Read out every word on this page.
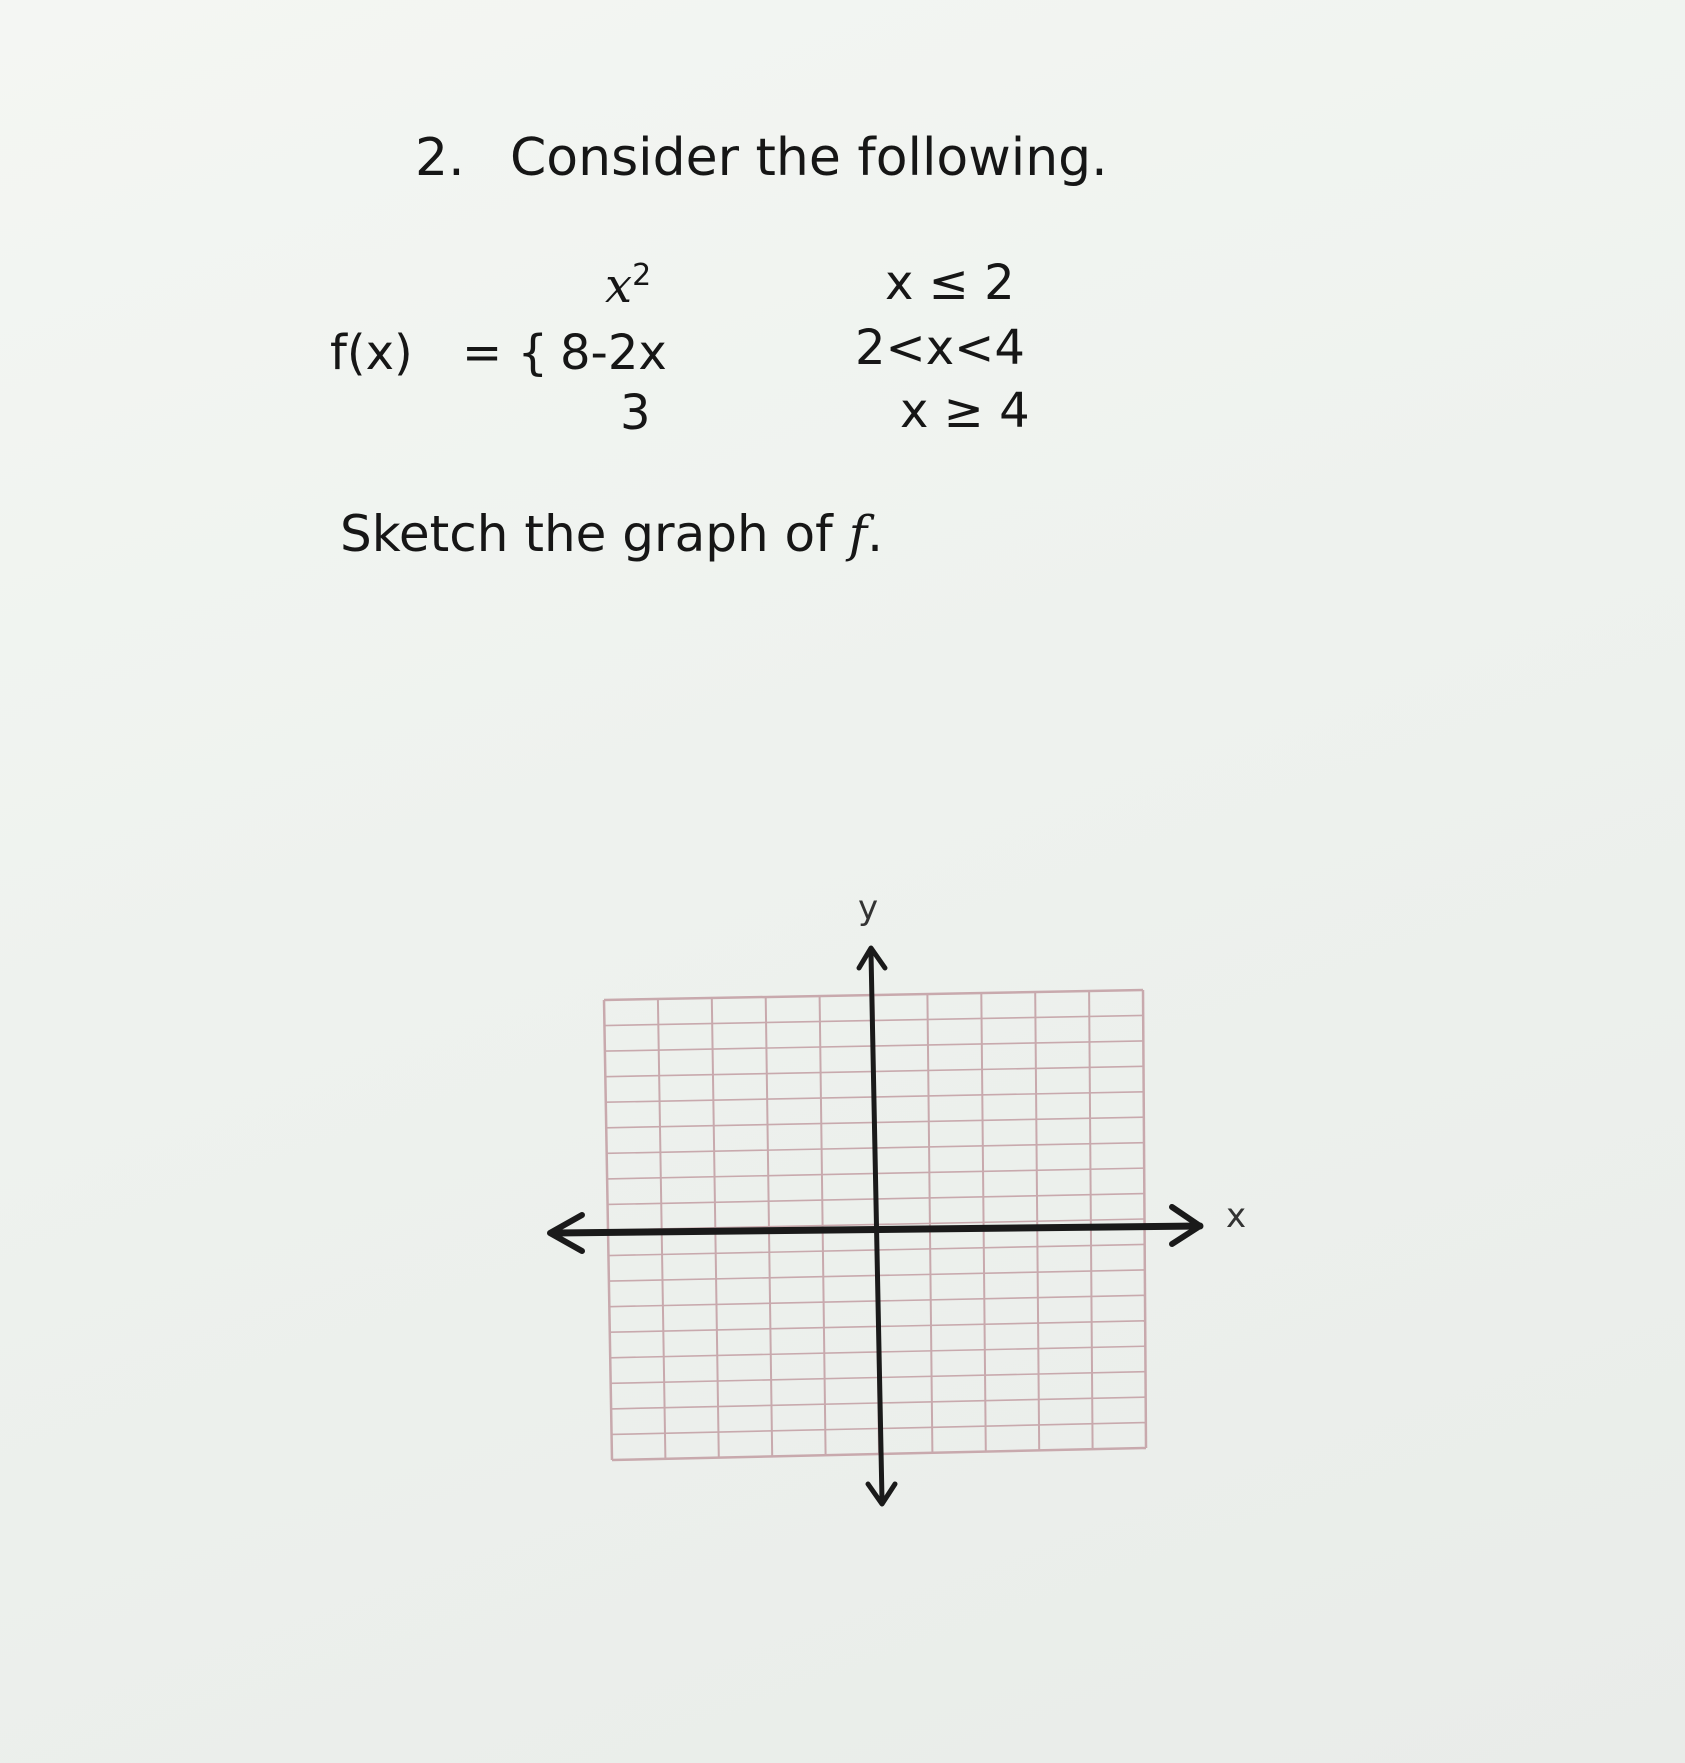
2. Consider the following.
f(x) = {
$x^2$	x ≤ 2
8-2x	2<x<4
3	x ≥ 4
Sketch the graph of f.
y
x
